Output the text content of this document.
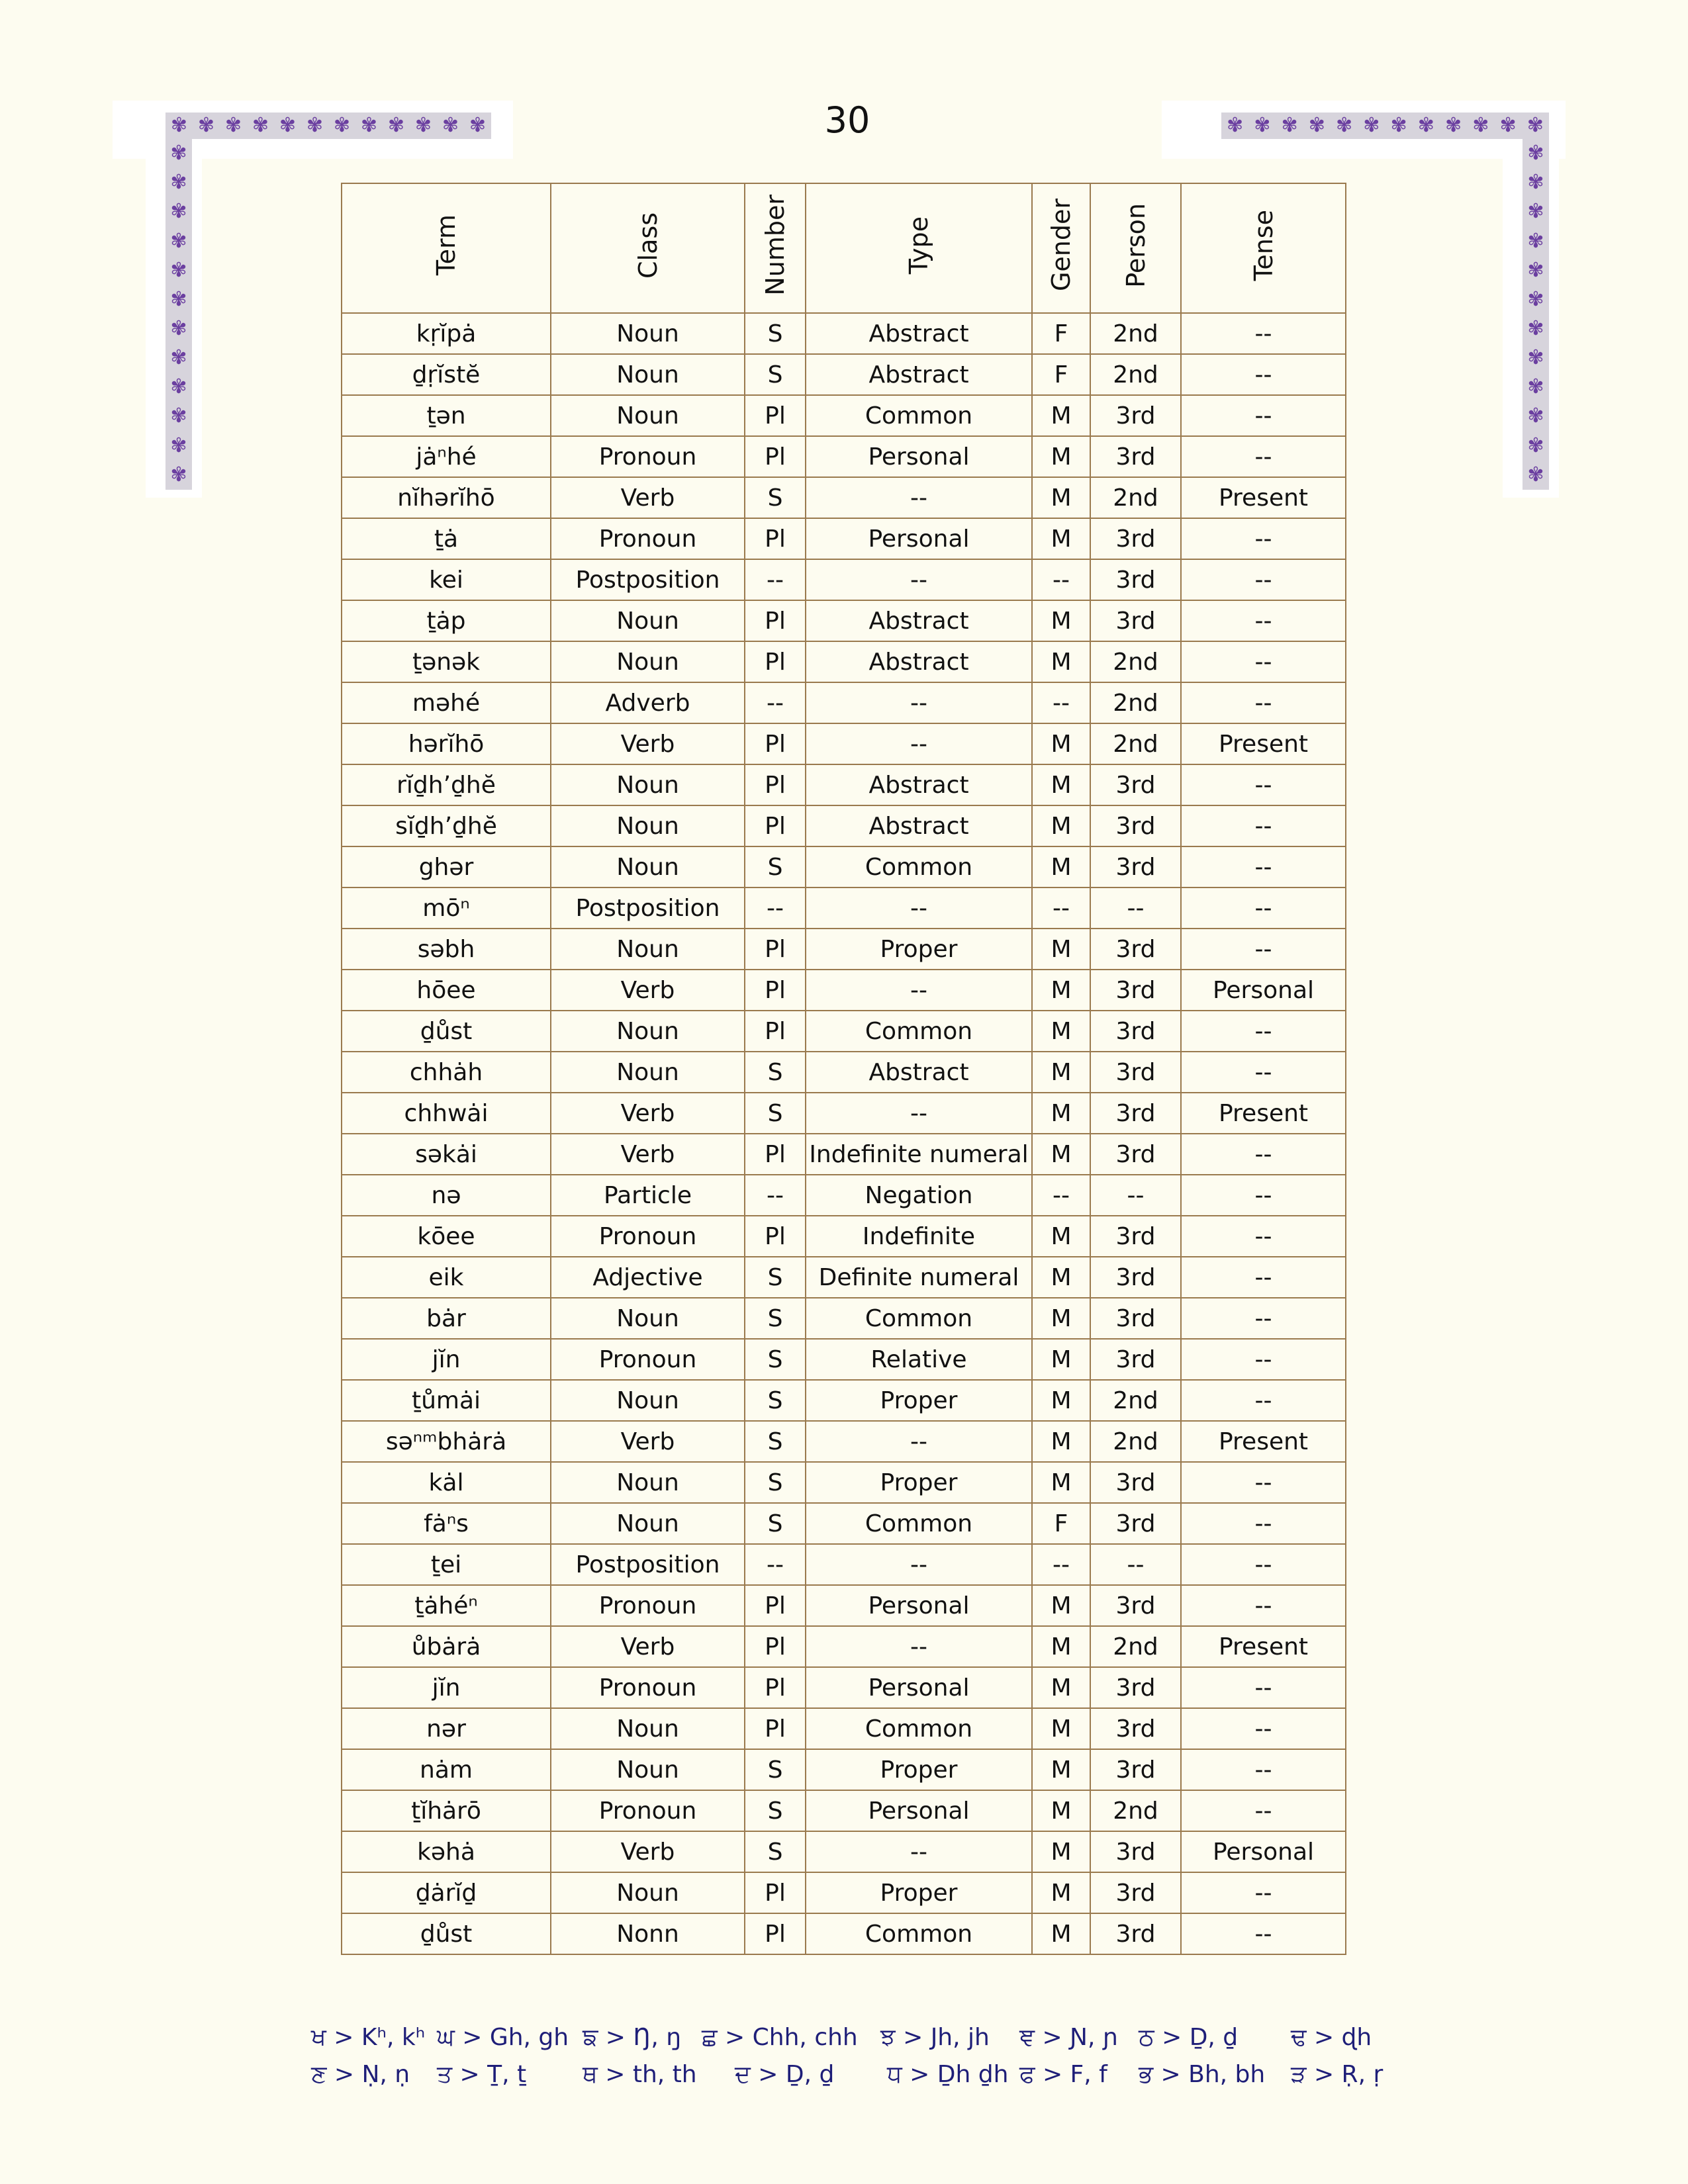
30
✾ ✾ ✾ ✾ ✾ ✾ ✾ ✾ ✾ ✾ ✾ ✾
✾
✾
✾
✾
✾
✾
✾
✾
✾
✾
✾
✾
✾ ✾ ✾ ✾ ✾ ✾ ✾ ✾ ✾ ✾ ✾ ✾
✾
✾
✾
✾
✾
✾
✾
✾
✾
✾
✾
✾
Term	Class	Number	Type	Gender	Person	Tense
kṛĭpȧ	Noun	S	Abstract	F	2nd	--
ḏṛĭstĕ	Noun	S	Abstract	F	2nd	--
ṯən	Noun	Pl	Common	M	3rd	--
jȧⁿhé	Pronoun	Pl	Personal	M	3rd	--
nĭhərĭhō	Verb	S	--	M	2nd	Present
ṯȧ	Pronoun	Pl	Personal	M	3rd	--
kei	Postposition	--	--	--	3rd	--
ṯȧp	Noun	Pl	Abstract	M	3rd	--
ṯənək	Noun	Pl	Abstract	M	2nd	--
məhé	Adverb	--	--	--	2nd	--
hərĭhō	Verb	Pl	--	M	2nd	Present
rĭḏh’ḏhĕ	Noun	Pl	Abstract	M	3rd	--
sĭḏh’ḏhĕ	Noun	Pl	Abstract	M	3rd	--
ghər	Noun	S	Common	M	3rd	--
mōⁿ	Postposition	--	--	--	--	--
səbh	Noun	Pl	Proper	M	3rd	--
hōee	Verb	Pl	--	M	3rd	Personal
ḏůst	Noun	Pl	Common	M	3rd	--
chhȧh	Noun	S	Abstract	M	3rd	--
chhwȧi	Verb	S	--	M	3rd	Present
səkȧi	Verb	Pl	Indefinite numeral	M	3rd	--
nə	Particle	--	Negation	--	--	--
kōee	Pronoun	Pl	Indefinite	M	3rd	--
eik	Adjective	S	Definite numeral	M	3rd	--
bȧr	Noun	S	Common	M	3rd	--
jĭn	Pronoun	S	Relative	M	3rd	--
ṯůmȧi	Noun	S	Proper	M	2nd	--
səⁿᵐbhȧrȧ	Verb	S	--	M	2nd	Present
kȧl	Noun	S	Proper	M	3rd	--
fȧⁿs	Noun	S	Common	F	3rd	--
ṯei	Postposition	--	--	--	--	--
ṯȧhéⁿ	Pronoun	Pl	Personal	M	3rd	--
ůbȧrȧ	Verb	Pl	--	M	2nd	Present
jĭn	Pronoun	Pl	Personal	M	3rd	--
nər	Noun	Pl	Common	M	3rd	--
nȧm	Noun	S	Proper	M	3rd	--
ṯĭhȧrō	Pronoun	S	Personal	M	2nd	--
kəhȧ	Verb	S	--	M	3rd	Personal
ḏȧrĭḏ	Noun	Pl	Proper	M	3rd	--
ḏůst	Nonn	Pl	Common	M	3rd	--
ਖ > Kʰ, kʰ ਘ > Gh, gh ਙ > Ŋ, ŋ ਛ > Chh, chh ਝ > Jh, jh ਞ > Ɲ, ɲ ਠ > Ḏ, ḏ ਢ > ɖh
ਣ > Ṇ, ṇ ਤ > Ṯ, ṯ ਥ > th, th ਦ > Ḏ, ḏ ਧ > Ḏh ḏh ਫ > F, f ਭ > Bh, bh ੜ > Ṛ, ṛ
